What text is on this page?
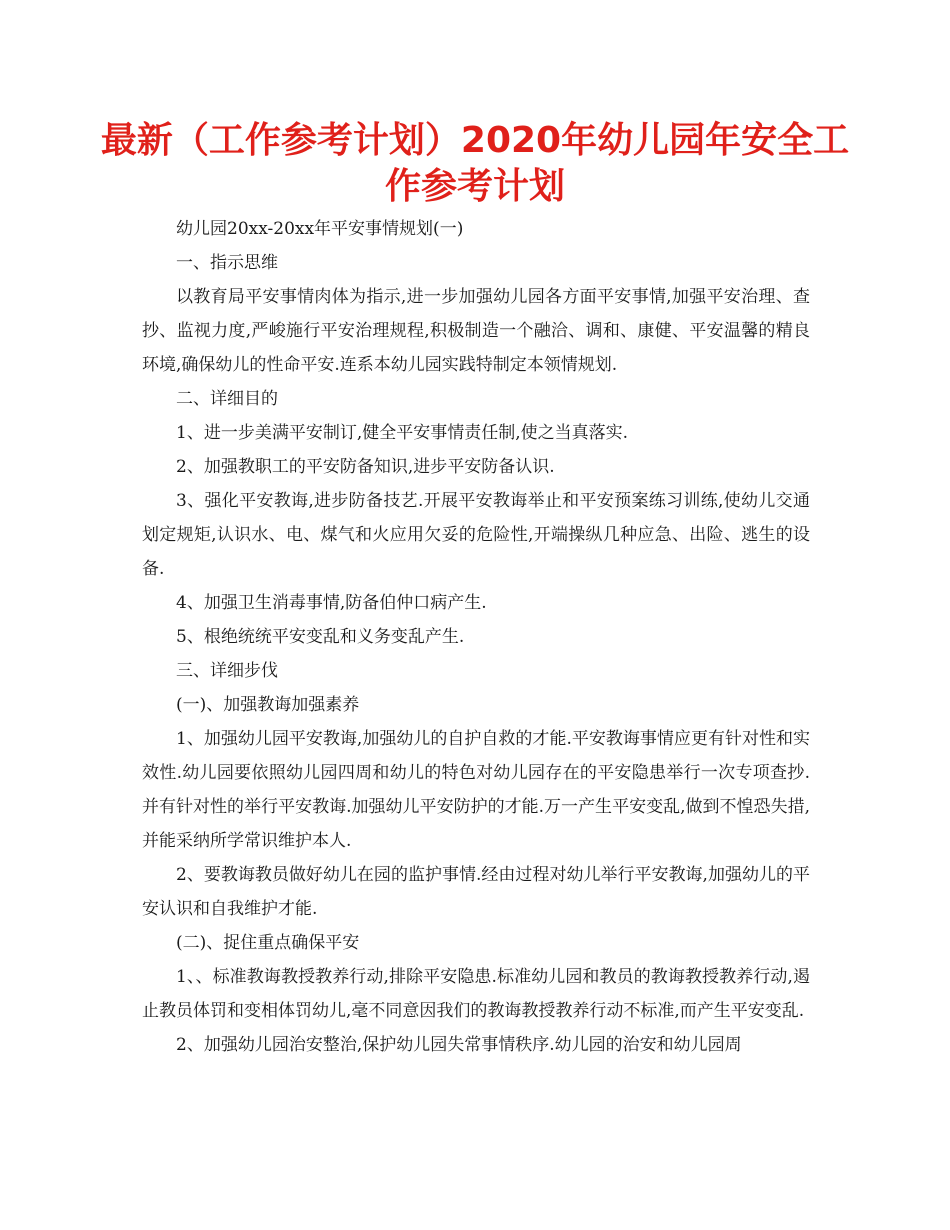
最新（工作参考计划）2020年幼儿园年安全工作参考计划

幼儿园20xx-20xx年平安事情规划(一)

一、指示思维

以教育局平安事情肉体为指示,进一步加强幼儿园各方面平安事情,加强平安治理、查抄、监视力度,严峻施行平安治理规程,积极制造一个融洽、调和、康健、平安温馨的精良环境,确保幼儿的性命平安.连系本幼儿园实践特制定本领情规划.

二、详细目的

1、进一步美满平安制订,健全平安事情责任制,使之当真落实.

2、加强教职工的平安防备知识,进步平安防备认识.

3、强化平安教诲,进步防备技艺.开展平安教诲举止和平安预案练习训练,使幼儿交通划定规矩,认识水、电、煤气和火应用欠妥的危险性,开端操纵几种应急、出险、逃生的设备.

4、加强卫生消毒事情,防备伯仲口病产生.

5、根绝统统平安变乱和义务变乱产生.

三、详细步伐

(一)、加强教诲加强素养

1、加强幼儿园平安教诲,加强幼儿的自护自救的才能.平安教诲事情应更有针对性和实效性.幼儿园要依照幼儿园四周和幼儿的特色对幼儿园存在的平安隐患举行一次专项查抄.并有针对性的举行平安教诲.加强幼儿平安防护的才能.万一产生平安变乱,做到不惶恐失措,并能采纳所学常识维护本人.

2、要教诲教员做好幼儿在园的监护事情.经由过程对幼儿举行平安教诲,加强幼儿的平安认识和自我维护才能.

(二)、捉住重点确保平安

1、、标准教诲教授教养行动,排除平安隐患.标准幼儿园和教员的教诲教授教养行动,遏止教员体罚和变相体罚幼儿,毫不同意因我们的教诲教授教养行动不标准,而产生平安变乱.

2、加强幼儿园治安整治,保护幼儿园失常事情秩序.幼儿园的治安和幼儿园周
